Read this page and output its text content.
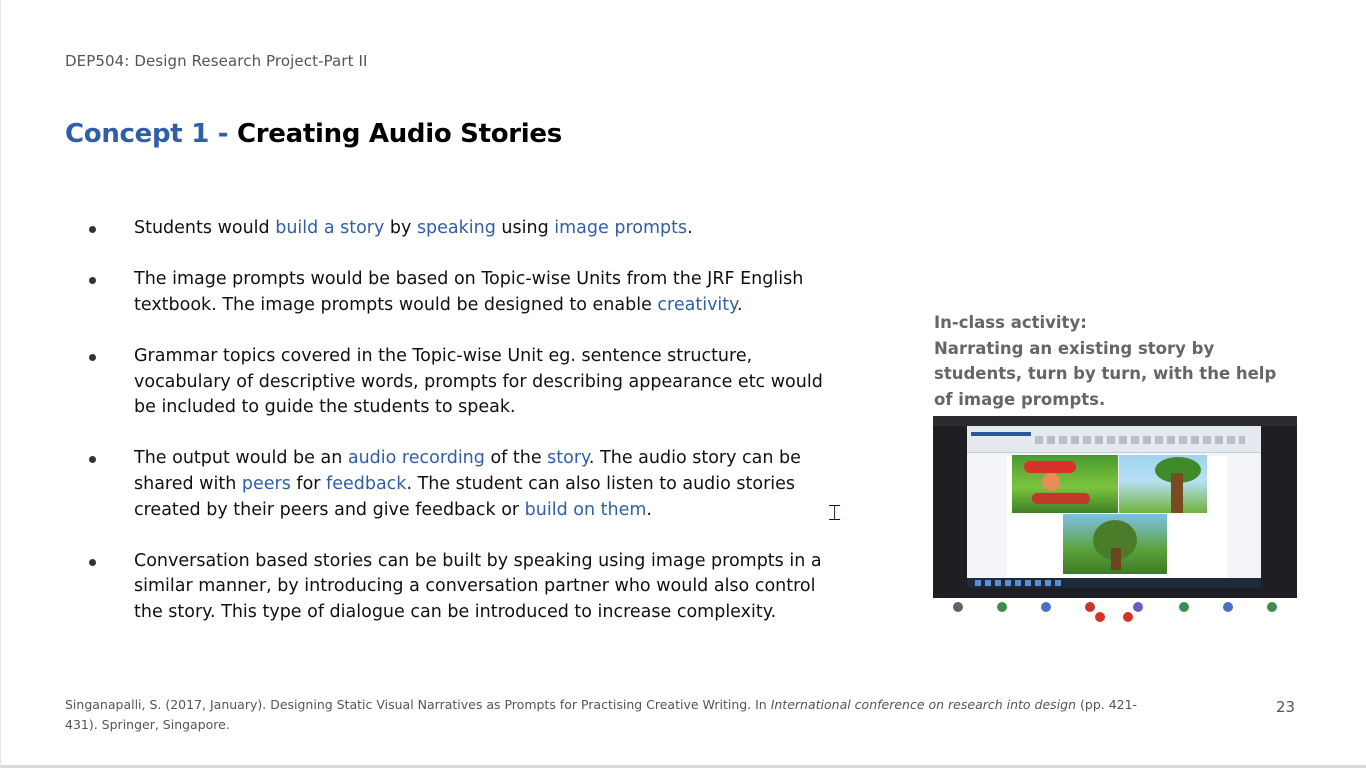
DEP504: Design Research Project-Part II
Concept 1 - Creating Audio Stories
Students would build a story by speaking using image prompts.
The image prompts would be based on Topic-wise Units from the JRF English textbook. The image prompts would be designed to enable creativity.
Grammar topics covered in the Topic-wise Unit eg. sentence structure, vocabulary of descriptive words, prompts for describing appearance etc would be included to guide the students to speak.
The output would be an audio recording of the story. The audio story can be shared with peers for feedback. The student can also listen to audio stories created by their peers and give feedback or build on them.
Conversation based stories can be built by speaking using image prompts in a similar manner, by introducing a conversation partner who would also control the story. This type of dialogue can be introduced to increase complexity.
In-class activity:
Narrating an existing story by students, turn by turn, with the help of image prompts.
⌶
Singanapalli, S. (2017, January). Designing Static Visual Narratives as Prompts for Practising Creative Writing. In International conference on research into design (pp. 421-431). Springer, Singapore.
23
